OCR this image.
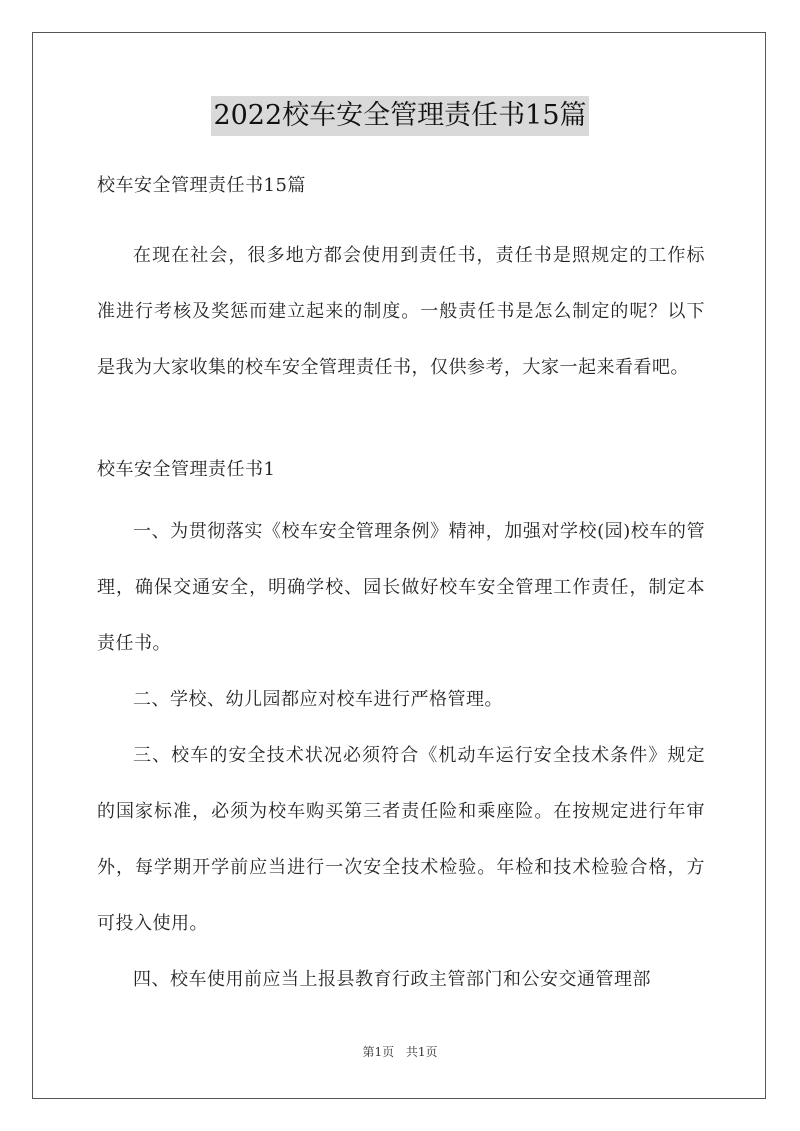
2022校车安全管理责任书15篇

校车安全管理责任书15篇

在现在社会，很多地方都会使用到责任书，责任书是照规定的工作标准进行考核及奖惩而建立起来的制度。一般责任书是怎么制定的呢？以下是我为大家收集的校车安全管理责任书，仅供参考，大家一起来看看吧。

校车安全管理责任书1

一、为贯彻落实《校车安全管理条例》精神，加强对学校(园)校车的管理，确保交通安全，明确学校、园长做好校车安全管理工作责任，制定本责任书。

二、学校、幼儿园都应对校车进行严格管理。

三、校车的安全技术状况必须符合《机动车运行安全技术条件》规定的国家标准，必须为校车购买第三者责任险和乘座险。在按规定进行年审外，每学期开学前应当进行一次安全技术检验。年检和技术检验合格，方可投入使用。

四、校车使用前应当上报县教育行政主管部门和公安交通管理部

第1页 共1页
